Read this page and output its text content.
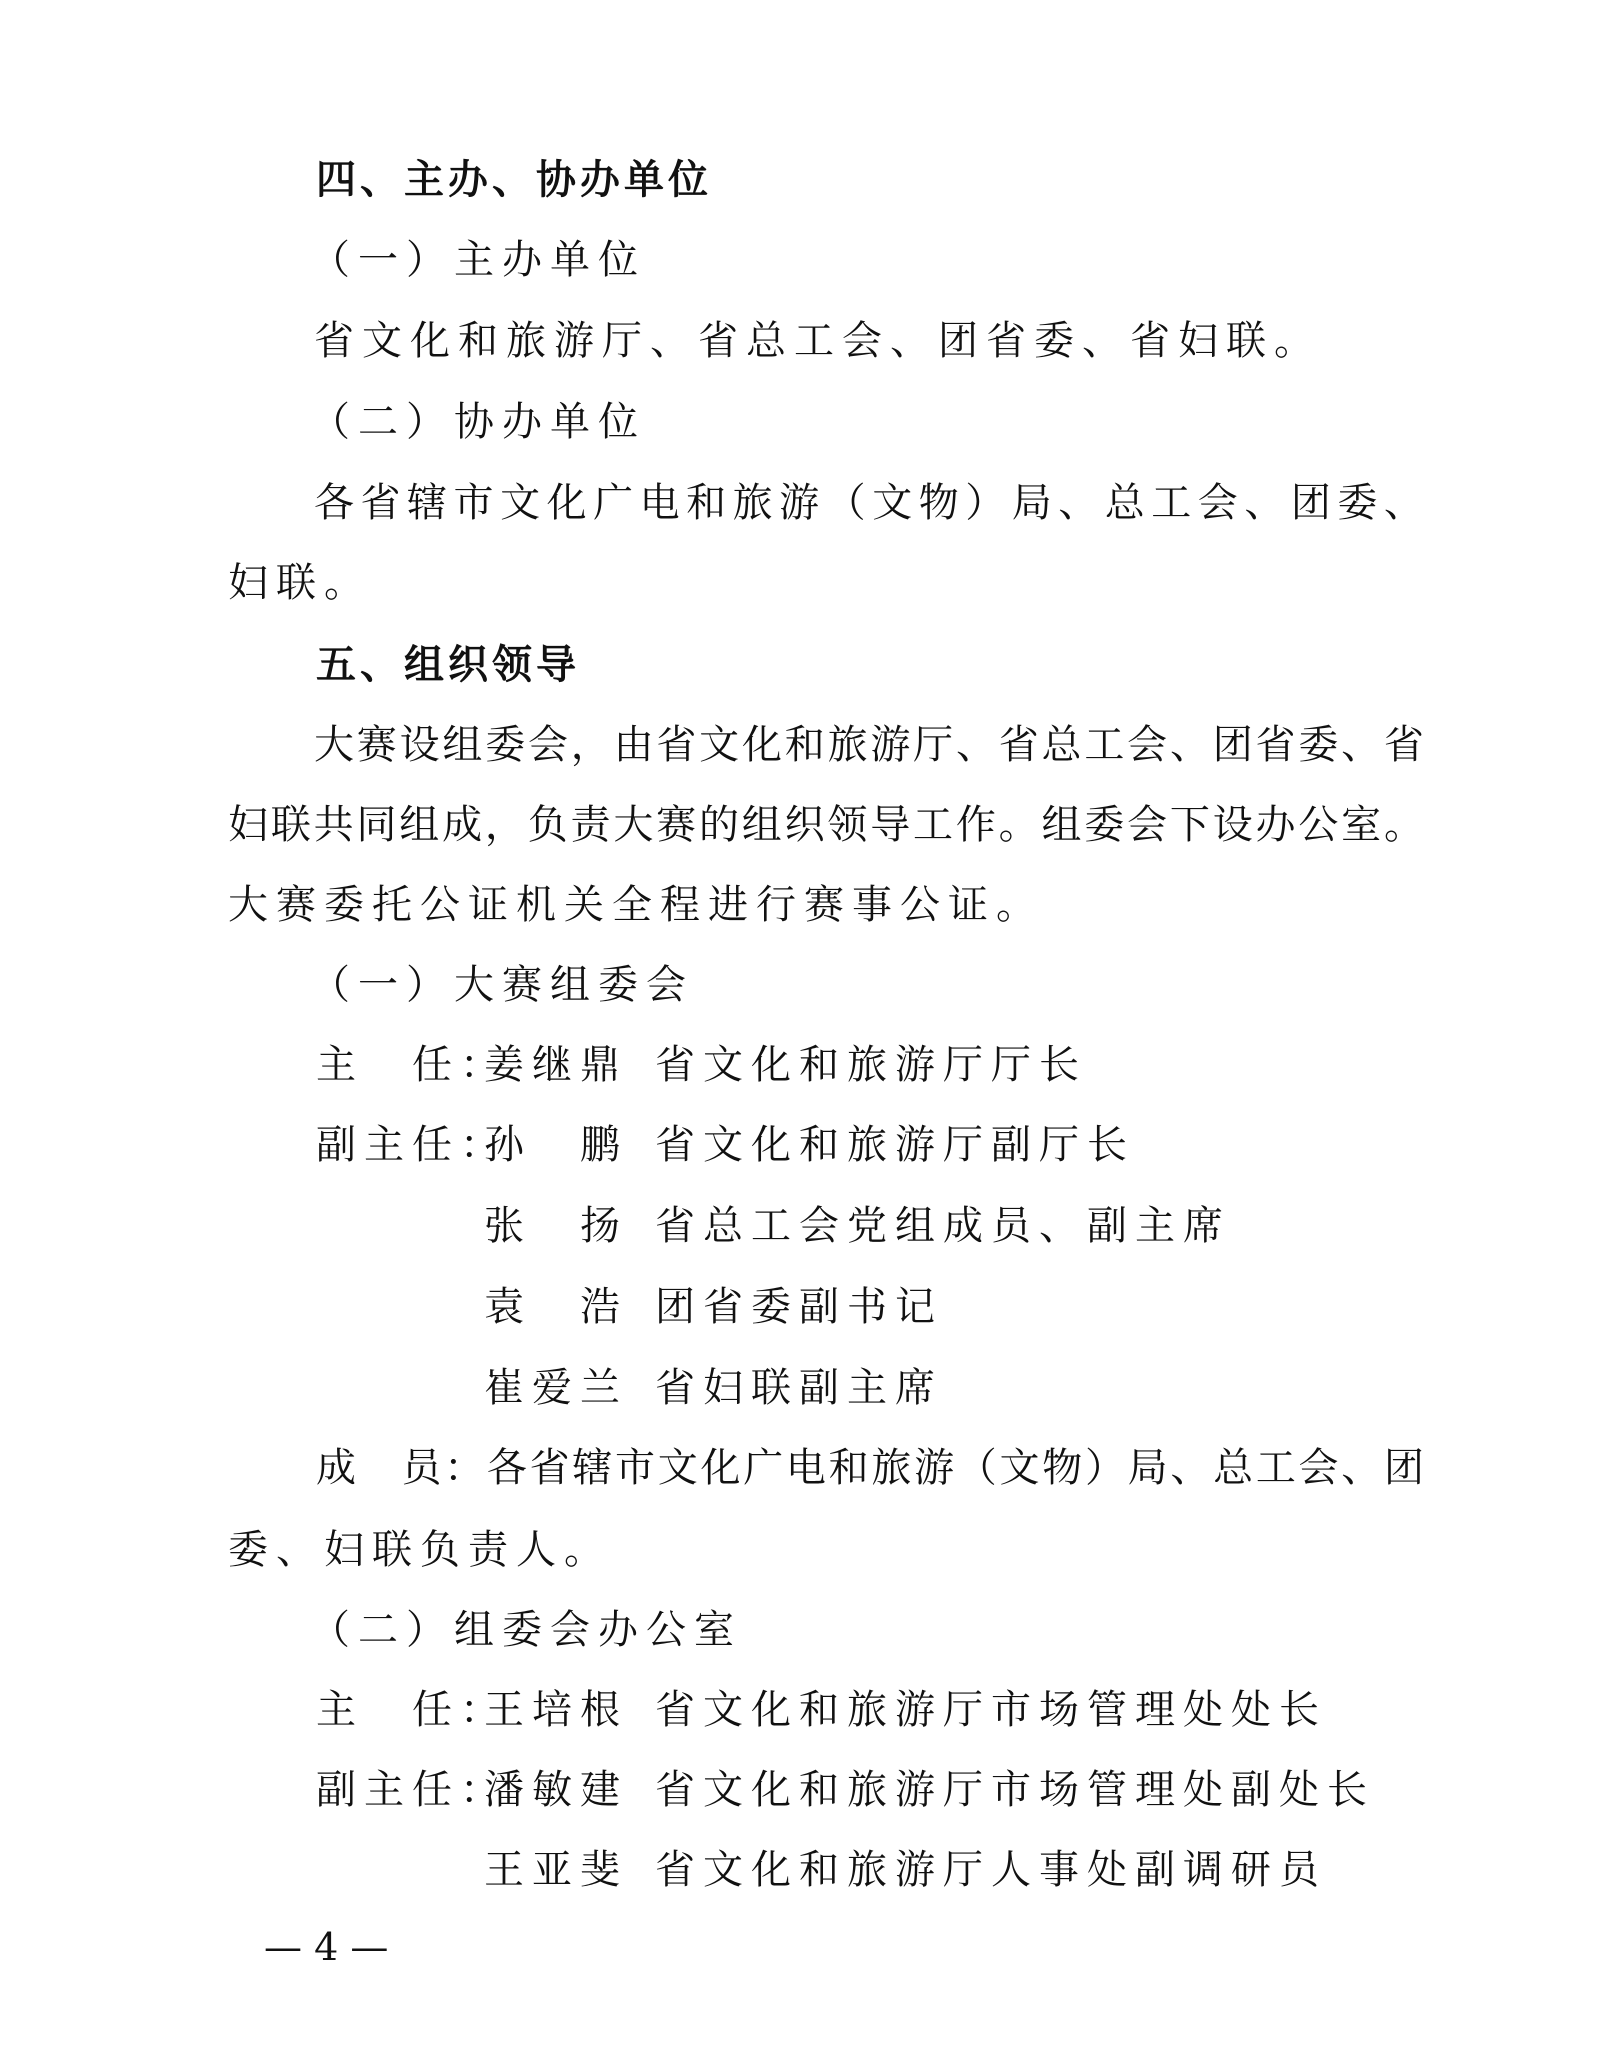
四、主办、协办单位
（一）主办单位
省文化和旅游厅、省总工会、团省委、省妇联。
（二）协办单位
各 省 辖 市 文 化 广 电 和 旅 游 （ 文 物 ） 局 、 总 工 会 、 团 委 、
妇联。
五、组织领导
大 赛 设 组 委 会 ， 由 省 文 化 和 旅 游 厅 、 省 总 工 会 、 团 省 委 、 省
妇 联 共 同 组 成 ， 负 责 大 赛 的 组 织 领 导 工 作 。 组 委 会 下 设 办 公 室 。
大赛委托公证机关全程进行赛事公证。
（一）大赛组委会
主　任：
姜继鼎 省文化和旅游厅厅长
副主任：
孙　鹏 省文化和旅游厅副厅长
张　扬 省总工会党组成员、副主席
袁　浩 团省委副书记
崔爱兰 省妇联副主席
成
　 员 ： 各 省 辖 市 文 化 广 电 和 旅 游 （ 文 物 ） 局 、 总 工 会 、 团
委、妇联负责人。
（二）组委会办公室
主　任：
王培根 省文化和旅游厅市场管理处处长
副主任：
潘敏建 省文化和旅游厅市场管理处副处长
王亚斐 省文化和旅游厅人事处副调研员
— 4 —
